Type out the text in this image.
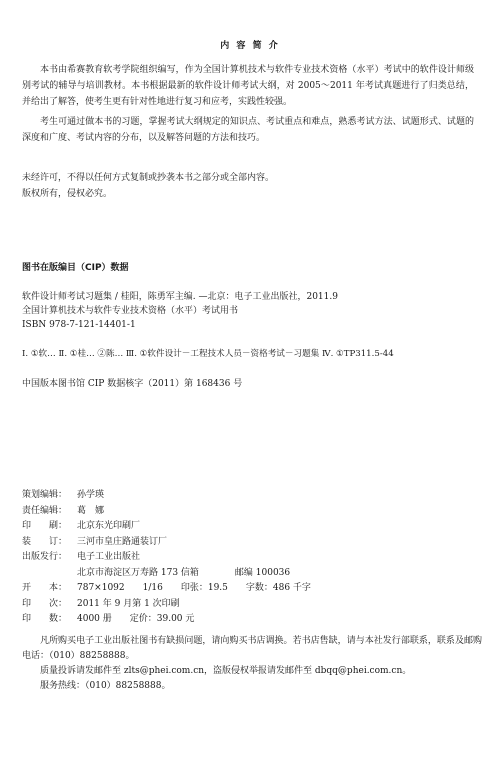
内 容 简 介

本书由希赛教育软考学院组织编写，作为全国计算机技术与软件专业技术资格（水平）考试中的软件设计师级别考试的辅导与培训教材。本书根据最新的软件设计师考试大纲，对 2005～2011 年考试真题进行了归类总结，并给出了解答，使考生更有针对性地进行复习和应考，实践性较强。

考生可通过做本书的习题，掌握考试大纲规定的知识点、考试重点和难点，熟悉考试方法、试题形式、试题的深度和广度、考试内容的分布，以及解答问题的方法和技巧。

未经许可，不得以任何方式复制或抄袭本书之部分或全部内容。
版权所有，侵权必究。
图书在版编目（CIP）数据
软件设计师考试习题集 / 桂阳，陈勇军主编. —北京：电子工业出版社，2011.9
全国计算机技术与软件专业技术资格（水平）考试用书
ISBN 978-7-121-14401-1
Ⅰ. ①软… Ⅱ. ①桂… ②陈… Ⅲ. ①软件设计－工程技术人员－资格考试－习题集 Ⅳ. ①TP311.5-44
中国版本图书馆 CIP 数据核字（2011）第 168436 号
策划编辑：	孙学瑛
责任编辑：	葛　娜
印　　刷：	北京东光印刷厂
装　　订：	三河市皇庄路通装订厂
出版发行：	电子工业出版社
北京市海淀区万寿路 173 信箱	邮编 100036
开　　本：	787×1092 1/16 印张：19.5 字数：486 千字
印　　次：	2011 年 9 月第 1 次印刷
印　　数：	4000 册 定价：39.00 元

凡所购买电子工业出版社图书有缺损问题，请向购买书店调换。若书店售缺，请与本社发行部联系，联系及邮购电话：（010）88258888。

质量投诉请发邮件至 zlts@phei.com.cn，盗版侵权举报请发邮件至 dbqq@phei.com.cn。
服务热线：（010）88258888。
